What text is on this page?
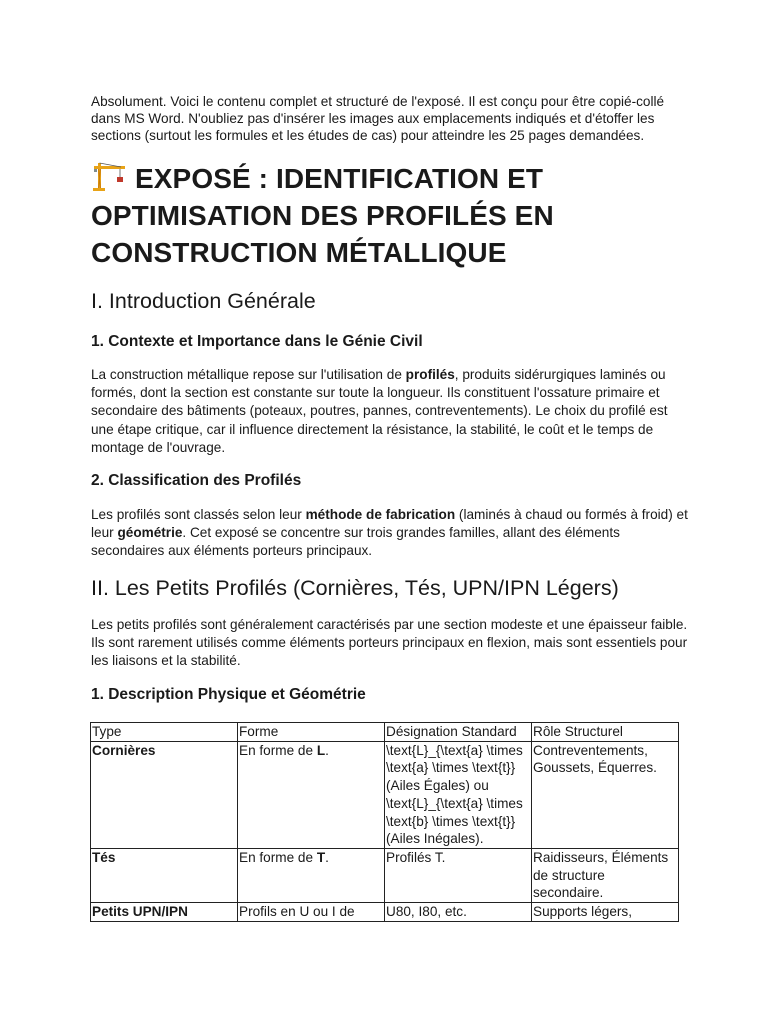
Absolument. Voici le contenu complet et structuré de l'exposé. Il est conçu pour être copié-collé dans MS Word. N'oubliez pas d'insérer les images aux emplacements indiqués et d'étoffer les sections (surtout les formules et les études de cas) pour atteindre les 25 pages demandées.

EXPOSÉ : IDENTIFICATION ET OPTIMISATION DES PROFILÉS EN CONSTRUCTION MÉTALLIQUE
I. Introduction Générale
1. Contexte et Importance dans le Génie Civil

La construction métallique repose sur l'utilisation de profilés, produits sidérurgiques laminés ou formés, dont la section est constante sur toute la longueur. Ils constituent l'ossature primaire et secondaire des bâtiments (poteaux, poutres, pannes, contreventements). Le choix du profilé est une étape critique, car il influence directement la résistance, la stabilité, le coût et le temps de montage de l'ouvrage.

2. Classification des Profilés

Les profilés sont classés selon leur méthode de fabrication (laminés à chaud ou formés à froid) et leur géométrie. Cet exposé se concentre sur trois grandes familles, allant des éléments secondaires aux éléments porteurs principaux.

II. Les Petits Profilés (Cornières, Tés, UPN/IPN Légers)

Les petits profilés sont généralement caractérisés par une section modeste et une épaisseur faible. Ils sont rarement utilisés comme éléments porteurs principaux en flexion, mais sont essentiels pour les liaisons et la stabilité.

1. Description Physique et Géométrie
Type	Forme	Désignation Standard	Rôle Structurel
Cornières	En forme de L.	\text{L}_{\text{a} \times \text{a} \times \text{t}} (Ailes Égales) ou \text{L}_{\text{a} \times \text{b} \times \text{t}} (Ailes Inégales).	Contreventements, Goussets, Équerres.
Tés	En forme de T.	Profilés T.	Raidisseurs, Éléments de structure secondaire.
Petits UPN/IPN	Profils en U ou I de	U80, I80, etc.	Supports légers,
